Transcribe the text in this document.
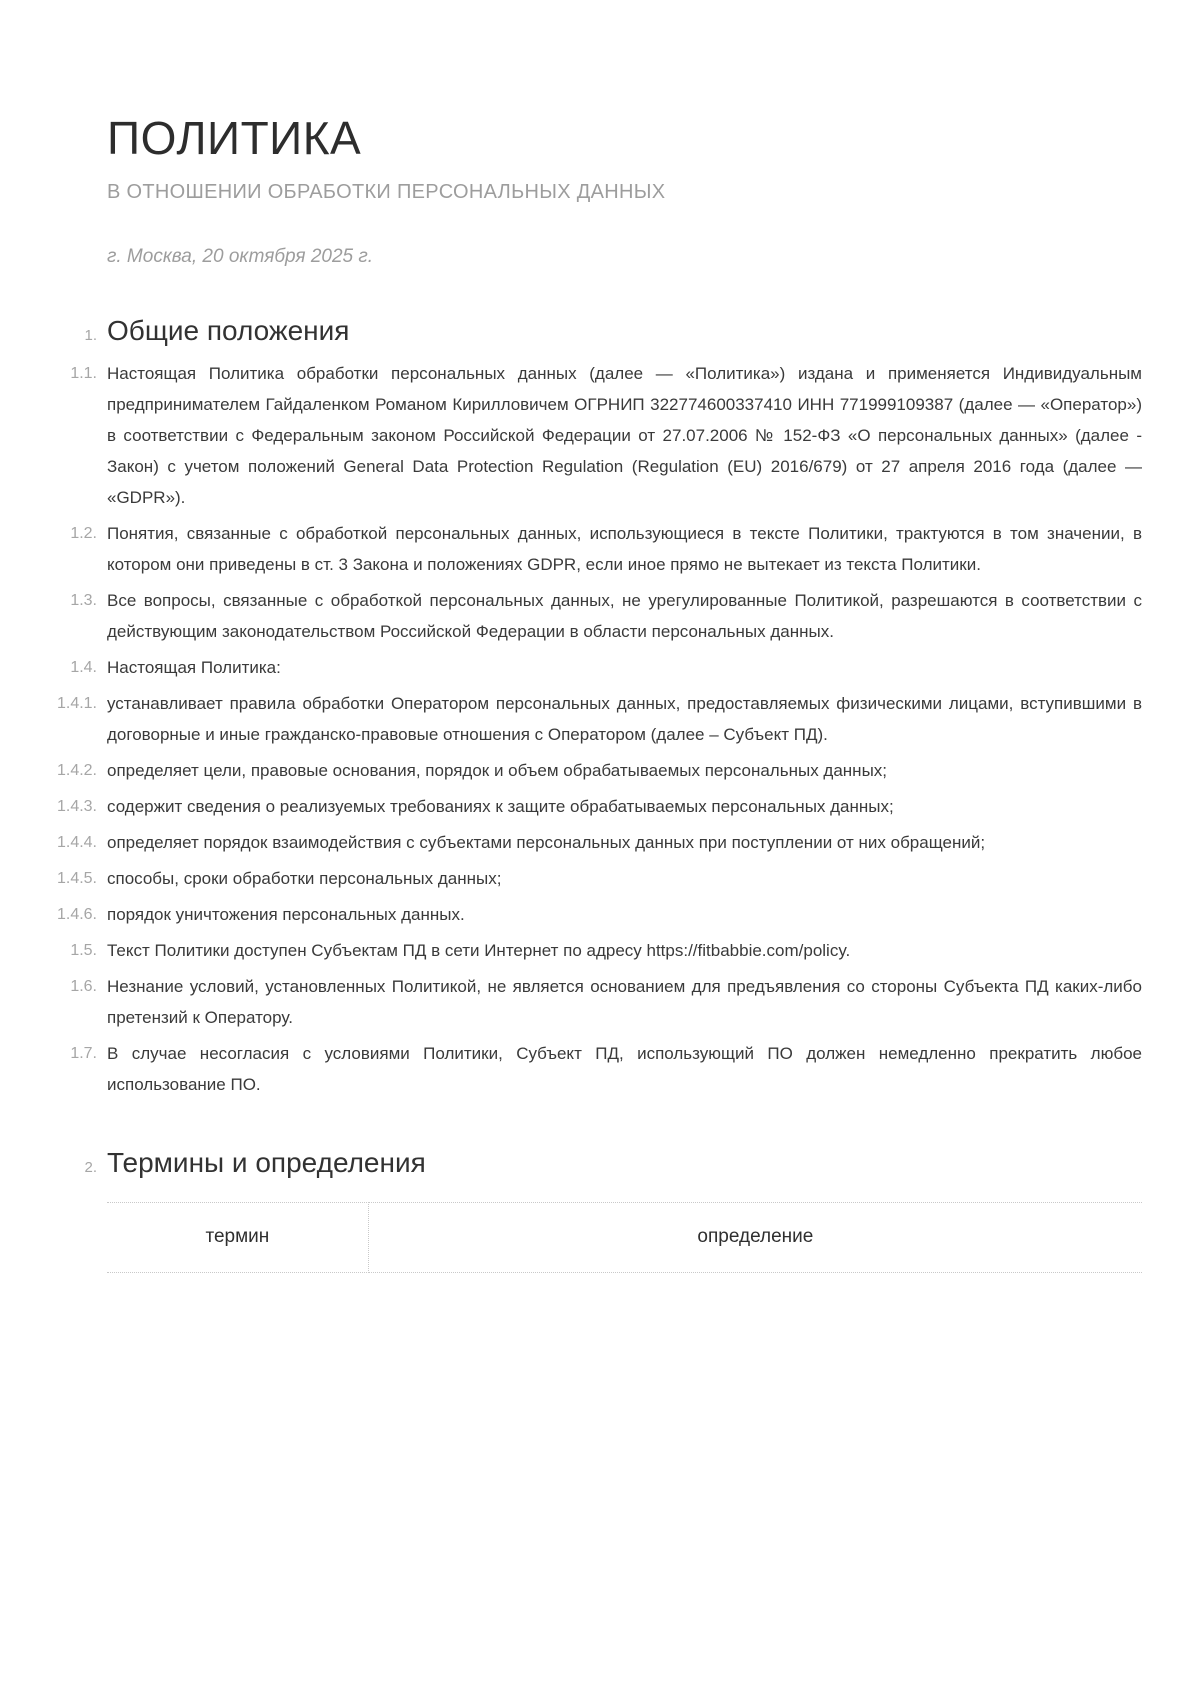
ПОЛИТИКА
В ОТНОШЕНИИ ОБРАБОТКИ ПЕРСОНАЛЬНЫХ ДАННЫХ
г. Москва, 20 октября 2025 г.
1. Общие положения
1.1. Настоящая Политика обработки персональных данных (далее — «Политика») издана и применяется Индивидуальным предпринимателем Гайдаленком Романом Кирилловичем ОГРНИП 322774600337410 ИНН 771999109387 (далее — «Оператор») в соответствии с Федеральным законом Российской Федерации от 27.07.2006 № 152-ФЗ «О персональных данных» (далее - Закон) с учетом положений General Data Protection Regulation (Regulation (EU) 2016/679) от 27 апреля 2016 года (далее — «GDPR»).
1.2. Понятия, связанные с обработкой персональных данных, использующиеся в тексте Политики, трактуются в том значении, в котором они приведены в ст. 3 Закона и положениях GDPR, если иное прямо не вытекает из текста Политики.
1.3. Все вопросы, связанные с обработкой персональных данных, не урегулированные Политикой, разрешаются в соответствии с действующим законодательством Российской Федерации в области персональных данных.
1.4. Настоящая Политика:
1.4.1. устанавливает правила обработки Оператором персональных данных, предоставляемых физическими лицами, вступившими в договорные и иные гражданско-правовые отношения с Оператором (далее – Субъект ПД).
1.4.2. определяет цели, правовые основания, порядок и объем обрабатываемых персональных данных;
1.4.3. содержит сведения о реализуемых требованиях к защите обрабатываемых персональных данных;
1.4.4. определяет порядок взаимодействия с субъектами персональных данных при поступлении от них обращений;
1.4.5. способы, сроки обработки персональных данных;
1.4.6. порядок уничтожения персональных данных.
1.5. Текст Политики доступен Субъектам ПД в сети Интернет по адресу https://fitbabbie.com/policy.
1.6. Незнание условий, установленных Политикой, не является основанием для предъявления со стороны Субъекта ПД каких-либо претензий к Оператору.
1.7. В случае несогласия с условиями Политики, Субъект ПД, использующий ПО должен немедленно прекратить любое использование ПО.
2. Термины и определения
термин	определение
